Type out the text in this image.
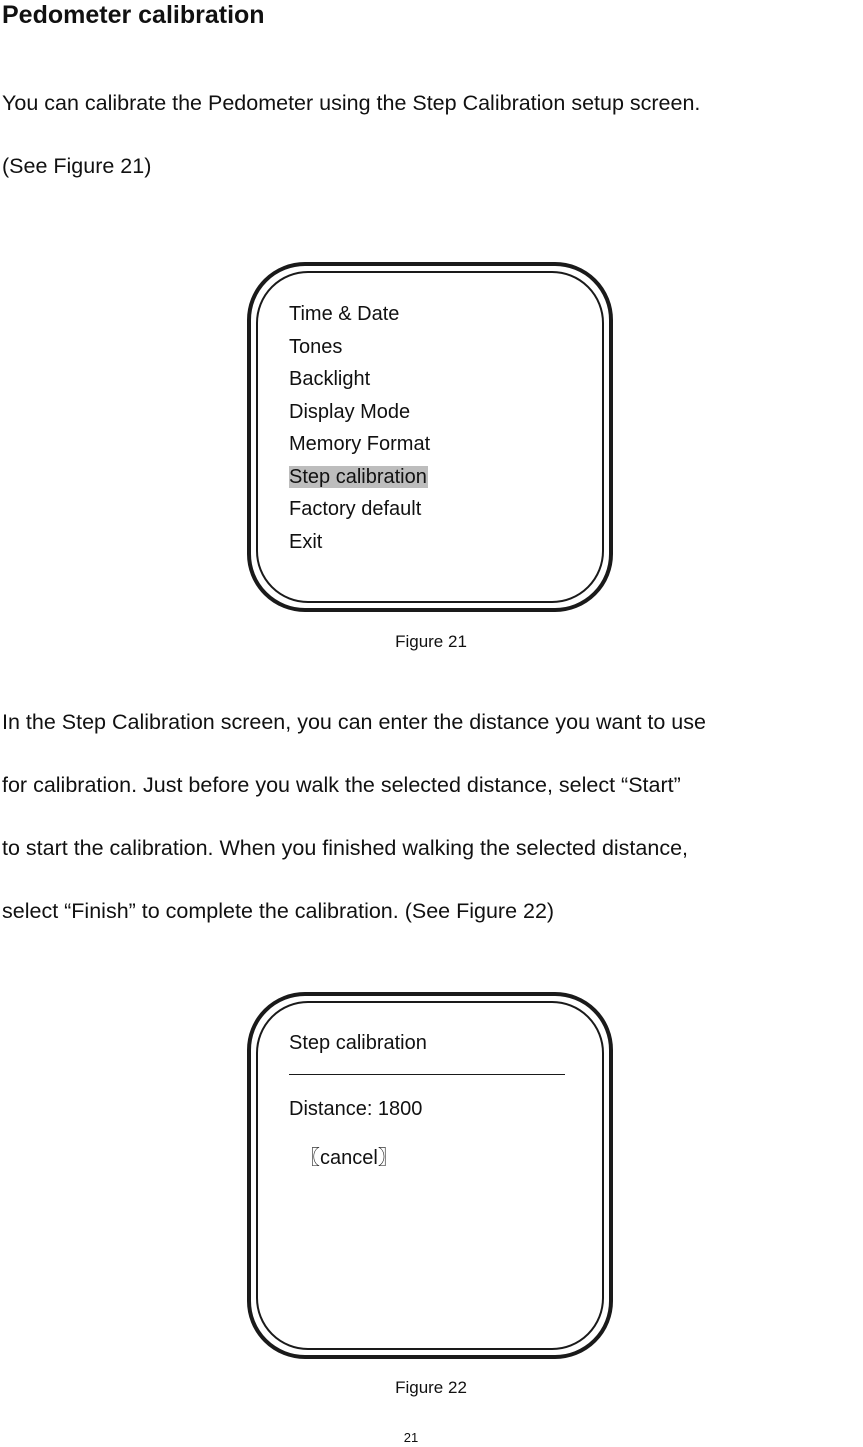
Pedometer calibration
You can calibrate the Pedometer using the Step Calibration setup screen.
(See Figure 21)
Time & Date
Tones
Backlight
Display Mode
Memory Format
Step calibration
Factory default
Exit
Figure 21
In the Step Calibration screen, you can enter the distance you want to use
for calibration. Just before you walk the selected distance, select “Start”
to start the calibration. When you finished walking the selected distance,
select “Finish” to complete the calibration. (See Figure 22)
Step calibration
Distance: 1800
〖cancel〗
Figure 22
21
